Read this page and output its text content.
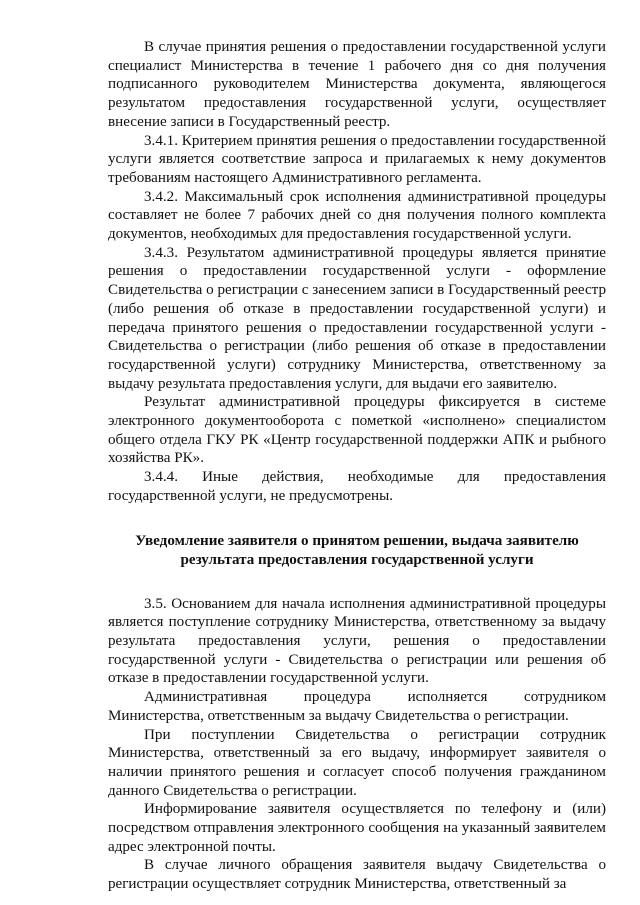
В случае принятия решения о предоставлении государственной услуги специалист Министерства в течение 1 рабочего дня со дня получения подписанного руководителем Министерства документа, являющегося результатом предоставления государственной услуги, осуществляет внесение записи в Государственный реестр.

3.4.1. Критерием принятия решения о предоставлении государственной услуги является соответствие запроса и прилагаемых к нему документов требованиям настоящего Административного регламента.

3.4.2. Максимальный срок исполнения административной процедуры составляет не более 7 рабочих дней со дня получения полного комплекта документов, необходимых для предоставления государственной услуги.

3.4.3. Результатом административной процедуры является принятие решения о предоставлении государственной услуги - оформление Свидетельства о регистрации с занесением записи в Государственный реестр (либо решения об отказе в предоставлении государственной услуги) и передача принятого решения о предоставлении государственной услуги - Свидетельства о регистрации (либо решения об отказе в предоставлении государственной услуги) сотруднику Министерства, ответственному за выдачу результата предоставления услуги, для выдачи его заявителю.

Результат административной процедуры фиксируется в системе электронного документооборота с пометкой «исполнено» специалистом общего отдела ГКУ РК «Центр государственной поддержки АПК и рыбного хозяйства РК».

3.4.4. Иные действия, необходимые для предоставления государственной услуги, не предусмотрены.

Уведомление заявителя о принятом решении, выдача заявителю
результата предоставления государственной услуги

3.5. Основанием для начала исполнения административной процедуры является поступление сотруднику Министерства, ответственному за выдачу результата предоставления услуги, решения о предоставлении государственной услуги - Свидетельства о регистрации или решения об отказе в предоставлении государственной услуги.

Административная процедура исполняется сотрудником Министерства, ответственным за выдачу Свидетельства о регистрации.

При поступлении Свидетельства о регистрации сотрудник Министерства, ответственный за его выдачу, информирует заявителя о наличии принятого решения и согласует способ получения гражданином данного Свидетельства о регистрации.

Информирование заявителя осуществляется по телефону и (или) посредством отправления электронного сообщения на указанный заявителем адрес электронной почты.

В случае личного обращения заявителя выдачу Свидетельства о регистрации осуществляет сотрудник Министерства, ответственный за
